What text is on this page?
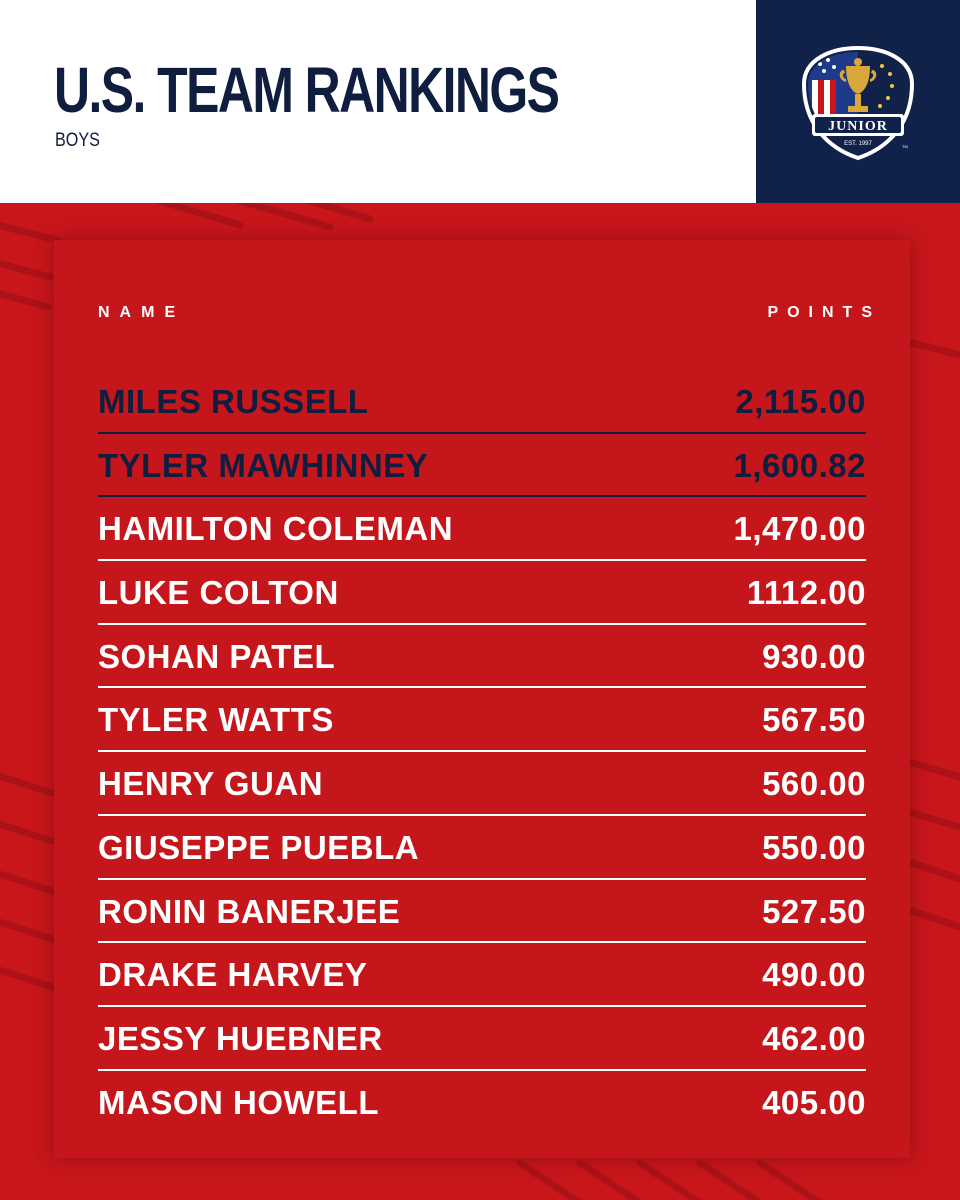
U.S. TEAM RANKINGS
BOYS
JUNIOR
EST. 1997	TM
NAME	POINTS
MILES RUSSELL	2,115.00
TYLER MAWHINNEY	1,600.82
HAMILTON COLEMAN	1,470.00
LUKE COLTON	1112.00
SOHAN PATEL	930.00
TYLER WATTS	567.50
HENRY GUAN	560.00
GIUSEPPE PUEBLA	550.00
RONIN BANERJEE	527.50
DRAKE HARVEY	490.00
JESSY HUEBNER	462.00
MASON HOWELL	405.00
